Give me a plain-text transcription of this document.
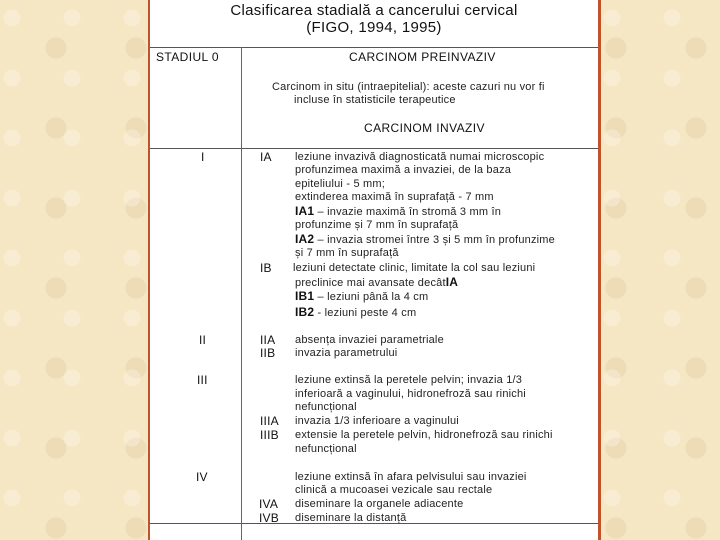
Clasificarea stadială a cancerului cervical
(FIGO, 1994, 1995)
STADIUL 0	CARCINOM PREINVAZIV
Carcinom in situ (intraepitelial): aceste cazuri nu vor fi
incluse în statisticile terapeutice
CARCINOM INVAZIV
I	IA leziune invazivă diagnosticată numai microscopic
profunzimea maximă a invaziei, de la baza
epiteliului - 5 mm;
extinderea maximă în suprafață - 7 mm
IA1 – invazie maximă în stromă 3 mm în
profunzime și 7 mm în suprafață
IA2 – invazia stromei între 3 și 5 mm în profunzime
și 7 mm în suprafață
IB leziuni detectate clinic, limitate la col sau leziuni
preclinice mai avansate decâtIA
IB1 – leziuni până la 4 cm
IB2 - leziuni peste 4 cm
II	IIA absența invaziei parametriale
IIB invazia parametrului
III	leziune extinsă la peretele pelvin; invazia 1/3
inferioară a vaginului, hidronefroză sau rinichi
nefuncțional
IIIA invazia 1/3 inferioare a vaginului
IIIB extensie la peretele pelvin, hidronefroză sau rinichi
nefuncțional
IV	leziune extinsă în afara pelvisului sau invaziei
clinică a mucoasei vezicale sau rectale
IVA diseminare la organele adiacente
IVB diseminare la distanță
